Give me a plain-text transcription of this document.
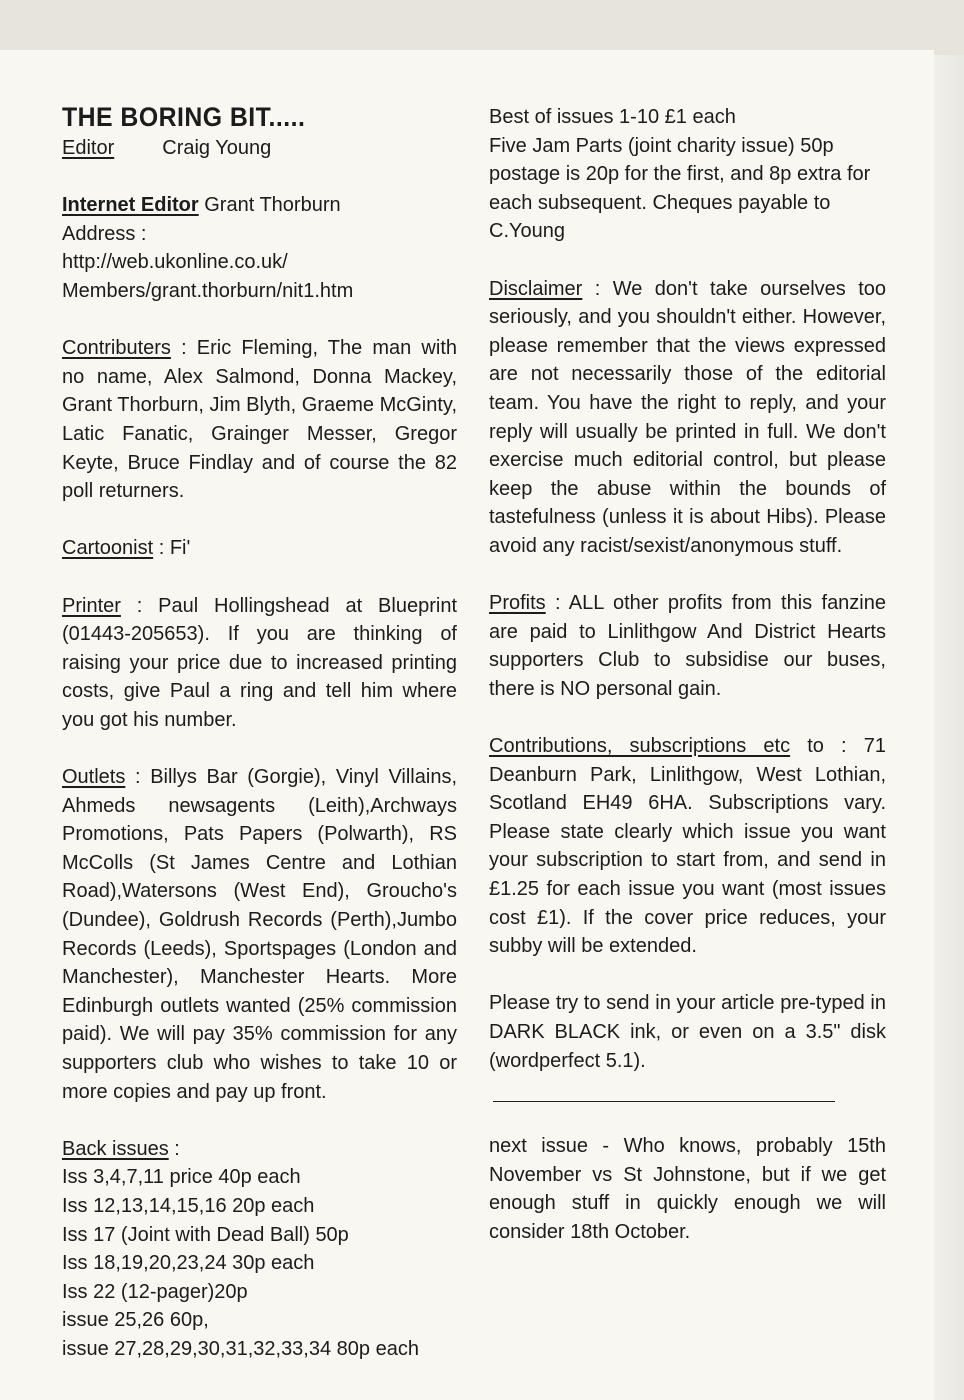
THE BORING BIT.....

Editor Craig Young

Internet Editor Grant Thorburn

Address :

http://web.ukonline.co.uk/

Members/grant.thorburn/nit1.htm

Contributers : Eric Fleming, The man with no name, Alex Salmond, Donna Mackey, Grant Thorburn, Jim Blyth, Graeme McGinty, Latic Fanatic, Grainger Messer, Gregor Keyte, Bruce Findlay and of course the 82 poll returners.

Cartoonist : Fi'

Printer : Paul Hollingshead at Blueprint (01443-205653). If you are thinking of raising your price due to increased printing costs, give Paul a ring and tell him where you got his number.

Outlets : Billys Bar (Gorgie), Vinyl Villains, Ahmeds newsagents (Leith),Archways Promotions, Pats Papers (Polwarth), RS McColls (St James Centre and Lothian Road),Watersons (West End), Groucho's (Dundee), Goldrush Records (Perth),Jumbo Records (Leeds), Sportspages (London and Manchester), Manchester Hearts. More Edinburgh outlets wanted (25% commission paid). We will pay 35% commission for any supporters club who wishes to take 10 or more copies and pay up front.

Back issues :

Iss 3,4,7,11 price 40p each

Iss 12,13,14,15,16 20p each

Iss 17 (Joint with Dead Ball) 50p

Iss 18,19,20,23,24 30p each

Iss 22 (12-pager)20p

issue 25,26 60p,

issue 27,28,29,30,31,32,33,34 80p each

Best of issues 1-10 £1 each

Five Jam Parts (joint charity issue) 50p

postage is 20p for the first, and 8p extra for

each subsequent. Cheques payable to C.Young

Disclaimer : We don't take ourselves too seriously, and you shouldn't either. However, please remember that the views expressed are not necessarily those of the editorial team. You have the right to reply, and your reply will usually be printed in full. We don't exercise much editorial control, but please keep the abuse within the bounds of tastefulness (unless it is about Hibs). Please avoid any racist/sexist/anonymous stuff.

Profits : ALL other profits from this fanzine are paid to Linlithgow And District Hearts supporters Club to subsidise our buses, there is NO personal gain.

Contributions, subscriptions etc to : 71 Deanburn Park, Linlithgow, West Lothian, Scotland EH49 6HA. Subscriptions vary. Please state clearly which issue you want your subscription to start from, and send in £1.25 for each issue you want (most issues cost £1). If the cover price reduces, your subby will be extended.

Please try to send in your article pre-typed in DARK BLACK ink, or even on a 3.5" disk (wordperfect 5.1).

next issue - Who knows, probably 15th November vs St Johnstone, but if we get enough stuff in quickly enough we will consider 18th October.
